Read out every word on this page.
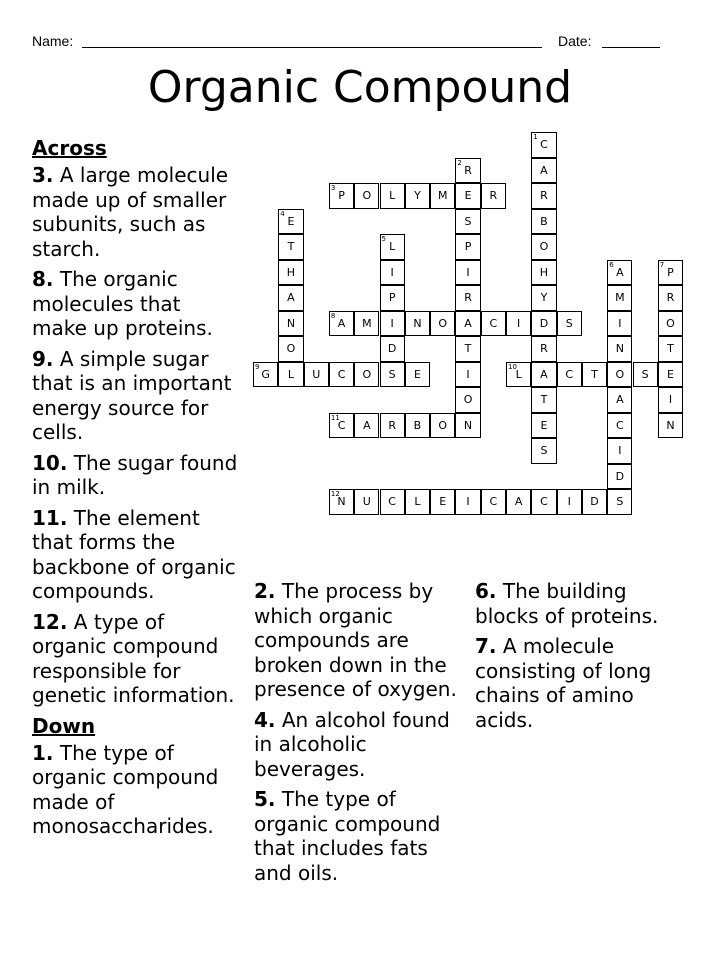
Name:	Date:
Organic Compound
1
C
A
R
B
O
H
Y
D
R
A
T
E
S
2
R
E
S
P
I
R
A
T
I
O
N
3
P O L Y M	R
4
E
T
H
A
N
O
L
5
L
I
P
I
D
6
A
M
I
N
O
A
C
I
D
S
7
P
R
O
T
E
I
N
8
A M	N O	C I	S
9
G	U C O S E
10
L	C T	S
11
C A R B O
12
N U C L E I C A C I D
Across
3. A large molecule made up of smaller subunits, such as starch.
8. The organic molecules that make up proteins.
9. A simple sugar that is an important energy source for cells.
10. The sugar found in milk.
11. The element that forms the backbone of organic compounds.
12. A type of organic compound responsible for genetic information.
Down
1. The type of organic compound made of monosaccharides.
2. The process by which organic compounds are broken down in the presence of oxygen.
4. An alcohol found in alcoholic beverages.
5. The type of organic compound that includes fats and oils.
6. The building blocks of proteins.
7. A molecule consisting of long chains of amino acids.
